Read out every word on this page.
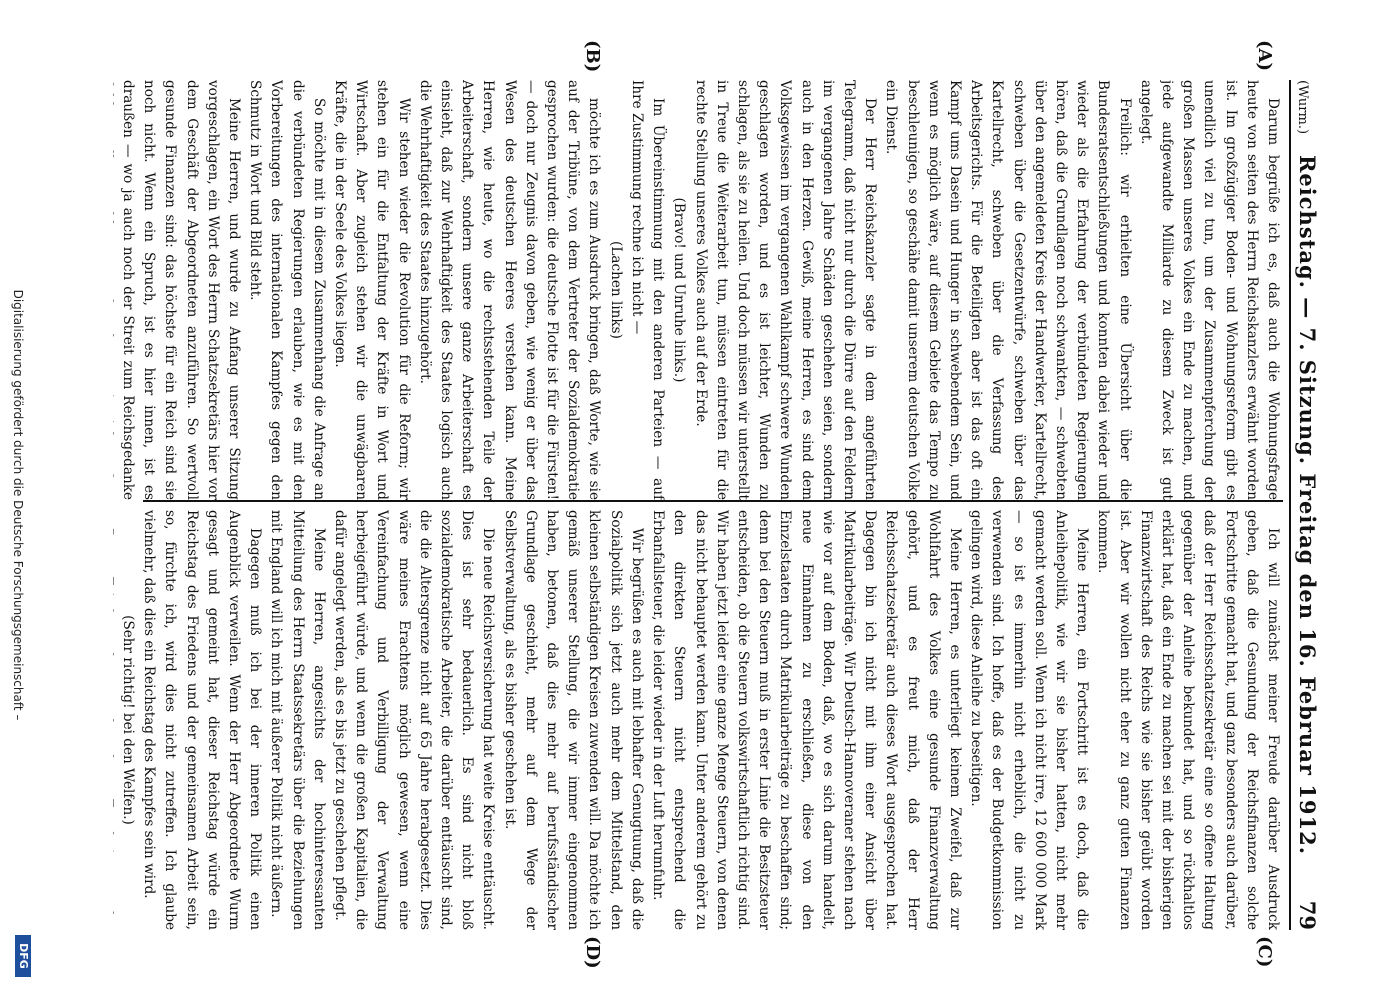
(Wurm.)
Reichstag. — 7. Sitzung. Freitag den 16. Februar 1912.
79
(A)
(B)
(C)
(D)

Darum begrüße ich es, daß auch die Wohnungsfrage heute von seiten des Herrn Reichskanzlers erwähnt worden ist. Im großzügiger Boden- und Wohnungsreform gibt es unendlich viel zu tun, um der Zusammenpferchung der großen Massen unseres Volkes ein Ende zu machen, und jede aufgewandte Milliarde zu diesem Zweck ist gut angelegt.

Freilich: wir erhielten eine Übersicht über die Bundesratsentschließungen und konnten dabei wieder und wieder als die Erfahrung der verbündeten Regierungen hören, daß die Grundlagen noch schwankten, — schwebten über den angemeldeten Kreis der Handwerker, Kartellrecht, schweben über die Gesetzentwürfe, schweben über das Kartellrecht, schweben über die Verfassung des Arbeitsgerichts. Für die Beteiligten aber ist das oft ein Kampf ums Dasein und Hunger in schwebendem Sein, und wenn es möglich wäre, auf diesem Gebiete das Tempo zu beschleunigen, so geschähe damit unserem deutschen Volke ein Dienst.

Der Herr Reichskanzler sagte in dem angeführten Telegramm, daß nicht nur durch die Dürre auf den Feldern im vergangenen Jahre Schäden geschehen seien, sondern auch in den Herzen. Gewiß, meine Herren, es sind dem Volksgewissen im vergangenen Wahlkampf schwere Wunden geschlagen worden, und es ist leichter, Wunden zu schlagen, als sie zu heilen. Und doch müssen wir unterstellt in Treue die Weiterarbeit tun, müssen eintreten für die rechte Stellung unseres Volkes auch auf der Erde.

(Bravo! und Unruhe links.)

Im Übereinstimmung mit den anderen Parteien — auf Ihre Zustimmung rechne ich nicht —

(Lachen links)

möchte ich es zum Ausdruck bringen, daß Worte, wie sie auf der Tribüne, von dem Vertreter der Sozialdemokratie gesprochen wurden: die deutsche Flotte ist für die Fürsten! — doch nur Zeugnis davon geben, wie wenig er über das Wesen des deutschen Heeres verstehen kann. Meine Herren, wie heute, wo die rechtsstehenden Teile der Arbeiterschaft, sondern unsere ganze Arbeiterschaft es einsieht, daß zur Wehrhaftigkeit des Staates logisch auch die Wehrhaftigkeit des Staates hinzugehört.

Wir stehen wieder die Revolution für die Reform; wir stehen ein für die Entfaltung der Kräfte in Wort und Wirtschaft. Aber zugleich stehen wir die unwägbaren Kräfte, die in der Seele des Volkes liegen.

So möchte mit in diesem Zusammenhang die Anfrage an die verbündeten Regierungen erlauben, wie es mit den Vorbereitungen des internationalen Kampfes gegen den Schmutz in Wort und Bild steht.

Meine Herren, und wurde zu Anfang unserer Sitzung vorgeschlagen, ein Wort des Herrn Schatzsekretärs hier vor dem Geschäft der Abgeordneten anzuführen. So wertvoll gesunde Finanzen sind: das höchste für ein Reich sind sie noch nicht. Wenn ein Spruch, ist es hier innen, ist es draußen — wo ja auch noch der Streit zum Reichsgedanke

Ich will zunächst meiner Freude darüber Ausdruck geben, daß die Gesundung der Reichsfinanzen solche Fortschritte gemacht hat, und ganz besonders auch darüber, daß der Herr Reichsschatzsekretär eine so offene Haltung gegenüber der Anleihe bekundet hat, und so rückhaltlos erklärt hat, daß ein Ende zu machen sei mit der bisherigen Finanzwirtschaft des Reichs wie sie bisher geübt worden ist. Aber wir wollen nicht eher zu ganz guten Finanzen kommen.

Meine Herren, ein Fortschritt ist es doch, daß die Anleihepolitik, wie wir sie bisher hatten, nicht mehr gemacht werden soll. Wenn ich nicht irre, 12 600 000 Mark — so ist es immerhin nicht erheblich, die nicht zu verwenden sind. Ich hoffe, daß es der Budgetkommission gelingen wird, diese Anleihe zu beseitigen.

Meine Herren, es unterliegt keinem Zweifel, daß zur Wohlfahrt des Volkes eine gesunde Finanzverwaltung gehört, und es freut mich, daß der Herr Reichsschatzsekretär auch dieses Wort ausgesprochen hat. Dagegen bin ich nicht mit ihm einer Ansicht über Matrikularbeiträge. Wir Deutsch-Hannoveraner stehen nach wie vor auf dem Boden, daß, wo es sich darum handelt, neue Einnahmen zu erschließen, diese von den Einzelstaaten durch Matrikularbeiträge zu beschaffen sind; denn bei den Steuern muß in erster Linie die Besitzsteuer entscheiden, ob die Steuern volkswirtschaftlich richtig sind. Wir haben jetzt leider eine ganze Menge Steuern, von denen das nicht behauptet werden kann. Unter anderem gehört zu den direkten Steuern nicht entsprechend die Erbanfallsteuer, die leider wieder in der Luft herumfuhr.

Wir begrüßen es auch mit lebhafter Genugtuung, daß die Sozialpolitik sich jetzt auch mehr dem Mittelstand, den kleinen selbständigen Kreisen zuwenden will. Da möchte ich gemäß unserer Stellung, die wir immer eingenommen haben, betonen, daß dies mehr auf berufsständischer Grundlage geschieht, mehr auf dem Wege der Selbstverwaltung, als es bisher geschehen ist.

Die neue Reichsversicherung hat weite Kreise enttäuscht. Dies ist sehr bedauerlich. Es sind nicht bloß sozialdemokratische Arbeiter, die darüber enttäuscht sind, die die Altersgrenze nicht auf 65 Jahre herabgesetzt. Dies wäre meines Erachtens möglich gewesen, wenn eine Vereinfachung und Verbilligung der Verwaltung herbeigeführt würde, und wenn die großen Kapitalien, die dafür angelegt werden, als es bis jetzt zu geschehen pflegt.

Meine Herren, angesichts der hochinteressanten Mitteilung des Herrn Staatssekretärs über die Beziehungen mit England will ich mich mit äußerer Politik nicht äußern.

Dagegen muß ich bei der inneren Politik einen Augenblick verweilen. Wenn der Herr Abgeordnete Wurm gesagt und gemeint hat, dieser Reichstag würde ein Reichstag des Friedens und der gemeinsamen Arbeit sein, so, fürchte ich, wird dies nicht zutreffen. Ich glaube vielmehr, daß dies ein Reichstag des Kampfes sein wird.

(Sehr richtig! bei den Welfen.)

Digitalisierung gefördert durch die Deutsche Forschungsgemeinschaft –
DFG
